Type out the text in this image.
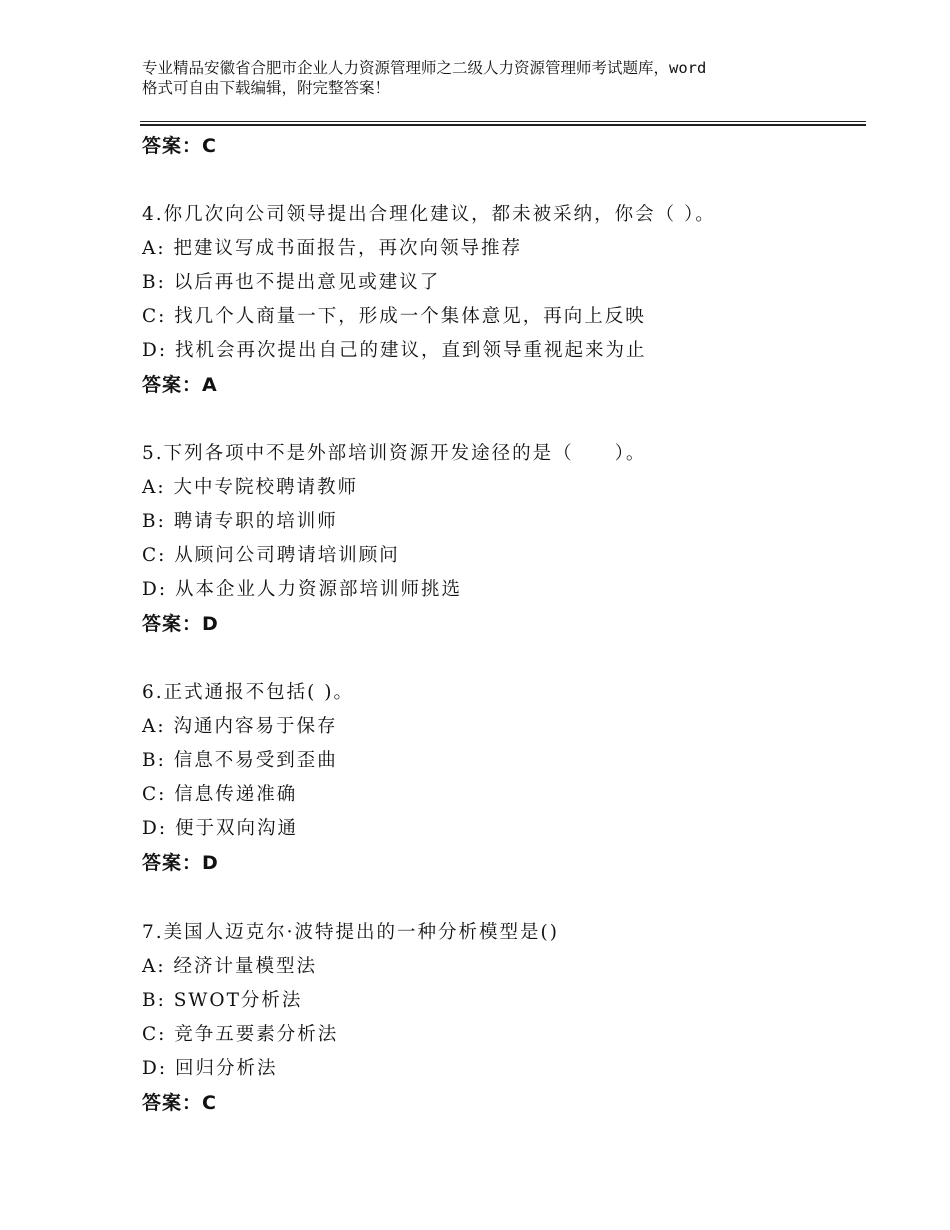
专业精品安徽省合肥市企业人力资源管理师之二级人力资源管理师考试题库，word
格式可自由下载编辑，附完整答案！
答案：C
4.你几次向公司领导提出合理化建议，都未被采纳，你会（ ）。
A: 把建议写成书面报告，再次向领导推荐
B: 以后再也不提出意见或建议了
C: 找几个人商量一下，形成一个集体意见，再向上反映
D: 找机会再次提出自己的建议，直到领导重视起来为止
答案：A
5.下列各项中不是外部培训资源开发途径的是（　　）。
A: 大中专院校聘请教师
B: 聘请专职的培训师
C: 从顾问公司聘请培训顾问
D: 从本企业人力资源部培训师挑选
答案：D
6.正式通报不包括( )。
A: 沟通内容易于保存
B: 信息不易受到歪曲
C: 信息传递准确
D: 便于双向沟通
答案：D
7.美国人迈克尔·波特提出的一种分析模型是()
A: 经济计量模型法
B: SWOT分析法
C: 竞争五要素分析法
D: 回归分析法
答案：C
